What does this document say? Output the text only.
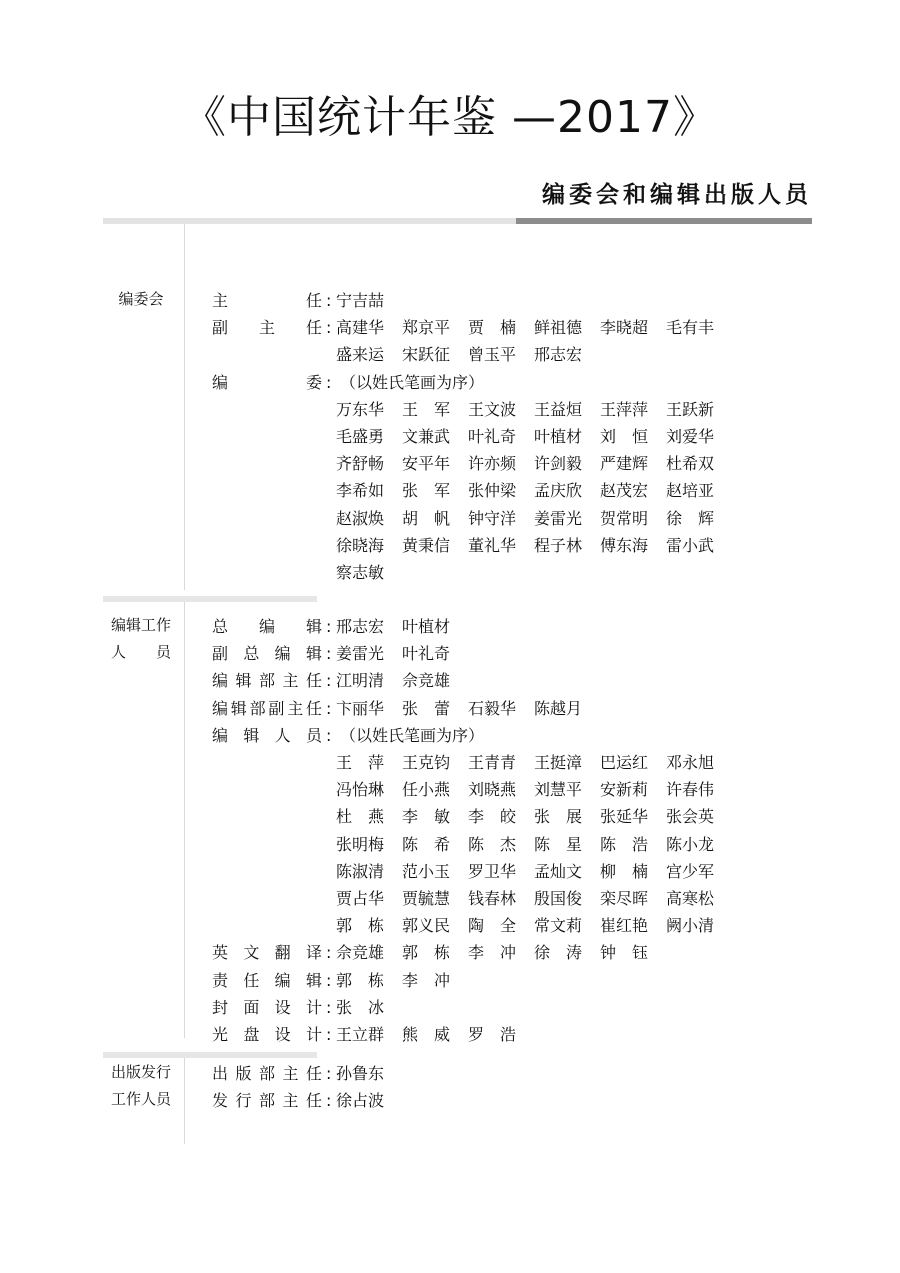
《中国统计年鉴 —2017》
编委会和编辑出版人员
编委会	主	任 : 宁吉喆
副 主 任 : 高建华 郑京平 贾　楠 鲜祖德 李晓超 毛有丰
盛来运 宋跃征 曾玉平 邢志宏
编	委 : （以姓氏笔画为序）
万东华 王　军 王文波 王益烜 王萍萍 王跃新
毛盛勇 文兼武 叶礼奇 叶植材 刘　恒 刘爱华
齐舒畅 安平年 许亦频 许剑毅 严建辉 杜希双
李希如 张　军 张仲梁 孟庆欣 赵茂宏 赵培亚
赵淑焕 胡　帆 钟守洋 姜雷光 贺常明 徐　辉
徐晓海 黄秉信 董礼华 程子林 傅东海 雷小武
察志敏
编辑工作
人　　员
总 编 辑 : 邢志宏 叶植材
副 总 编 辑 : 姜雷光 叶礼奇
编 辑 部 主 任 : 江明清 佘竞雄
编 辑 部 副 主 任 : 卞丽华 张　蕾 石毅华 陈越月
编 辑 人 员 : （以姓氏笔画为序）
王　萍 王克钧 王青青 王挺漳 巴运红 邓永旭
冯怡琳 任小燕 刘晓燕 刘慧平 安新莉 许春伟
杜　燕 李　敏 李　皎 张　展 张延华 张会英
张明梅 陈　希 陈　杰 陈　星 陈　浩 陈小龙
陈淑清 范小玉 罗卫华 孟灿文 柳　楠 宫少军
贾占华 贾毓慧 钱春林 殷国俊 栾尽晖 高寒松
郭　栋 郭义民 陶　全 常文莉 崔红艳 阙小清
英 文 翻 译 : 佘竞雄 郭　栋 李　冲 徐　涛 钟　钰
责 任 编 辑 : 郭　栋 李　冲
封 面 设 计 : 张　冰
光 盘 设 计 : 王立群 熊　威 罗　浩
出版发行
工作人员
出 版 部 主 任 : 孙鲁东
发 行 部 主 任 : 徐占波
